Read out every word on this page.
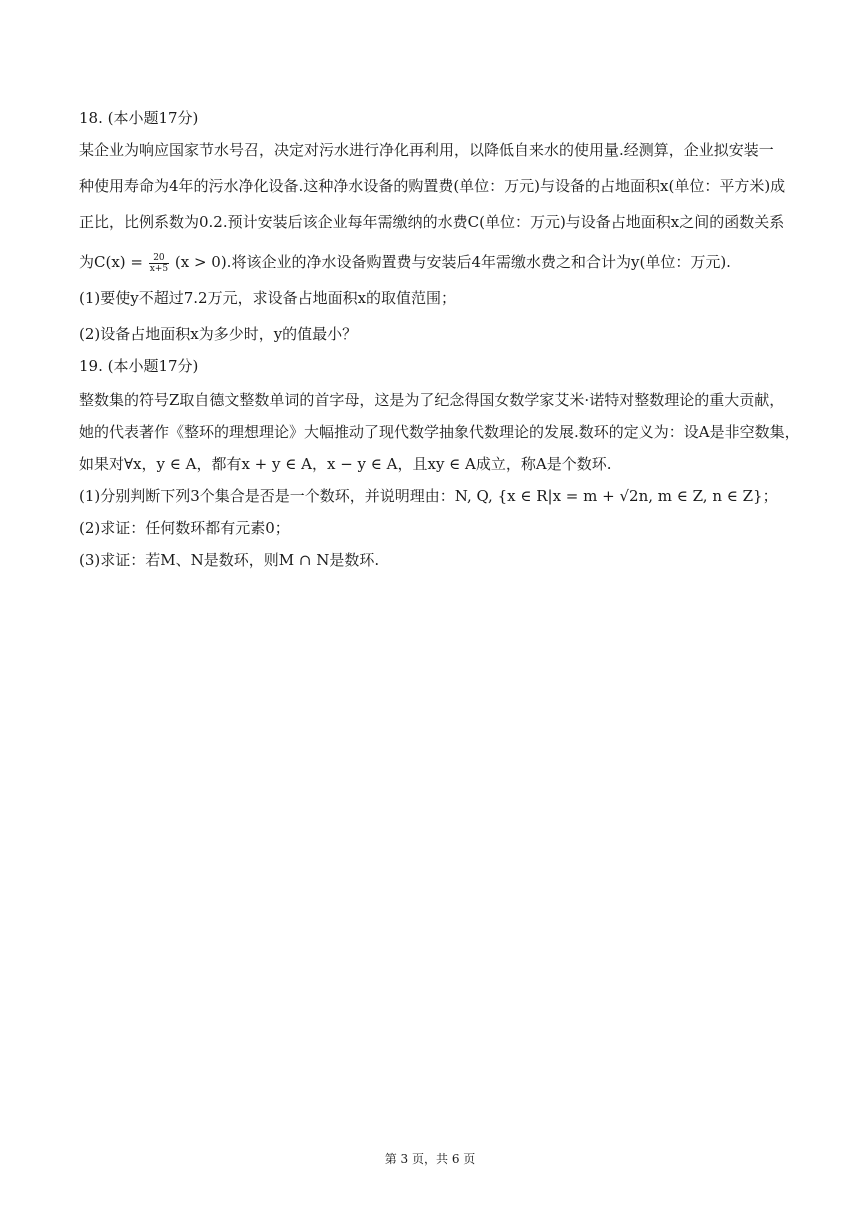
18. (本小题17分)
某企业为响应国家节水号召，决定对污水进行净化再利用，以降低自来水的使用量.经测算，企业拟安装一
种使用寿命为4年的污水净化设备.这种净水设备的购置费(单位：万元)与设备的占地面积x(单位：平方米)成
正比，比例系数为0.2.预计安装后该企业每年需缴纳的水费C(单位：万元)与设备占地面积x之间的函数关系
为$C(x) = \frac{20}{x+5} (x > 0)$.将该企业的净水设备购置费与安装后4年需缴水费之和合计为y(单位：万元).
(1)要使y不超过7.2万元，求设备占地面积x的取值范围；
(2)设备占地面积x为多少时，y的值最小？
19. (本小题17分)
整数集的符号Z取自德文整数单词的首字母，这是为了纪念得国女数学家艾米·诺特对整数理论的重大贡献，
她的代表著作《整环的理想理论》大幅推动了现代数学抽象代数理论的发展.数环的定义为：设A是非空数集，
如果对∀x，y ∈ A，都有x + y ∈ A，x − y ∈ A，且xy ∈ A成立，称A是个数环.
(1)分别判断下列3个集合是否是一个数环，并说明理由：N, Q, {x ∈ R|x = m + √2n, m ∈ Z, n ∈ Z}；
(2)求证：任何数环都有元素0；
(3)求证：若M、N是数环，则M ∩ N是数环.
第 3 页，共 6 页
